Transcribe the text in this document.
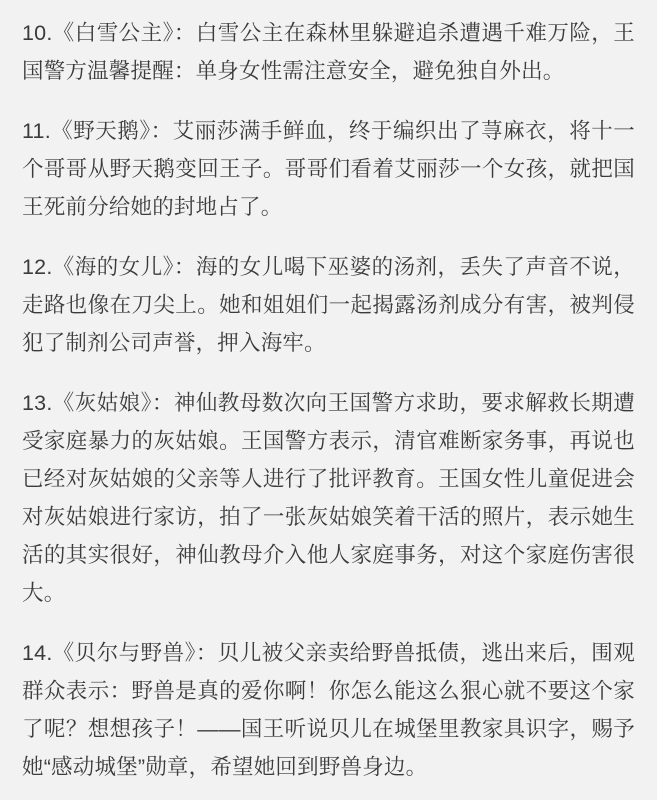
10.《白雪公主》：白雪公主在森林里躲避追杀遭遇千难万险，王国警方温馨提醒：单身女性需注意安全，避免独自外出。

11.《野天鹅》：艾丽莎满手鲜血，终于编织出了荨麻衣，将十一个哥哥从野天鹅变回王子。哥哥们看着艾丽莎一个女孩，就把国王死前分给她的封地占了。

12.《海的女儿》：海的女儿喝下巫婆的汤剂，丢失了声音不说，走路也像在刀尖上。她和姐姐们一起揭露汤剂成分有害，被判侵犯了制剂公司声誉，押入海牢。

13.《灰姑娘》：神仙教母数次向王国警方求助，要求解救长期遭受家庭暴力的灰姑娘。王国警方表示，清官难断家务事，再说也已经对灰姑娘的父亲等人进行了批评教育。王国女性儿童促进会对灰姑娘进行家访，拍了一张灰姑娘笑着干活的照片，表示她生活的其实很好，神仙教母介入他人家庭事务，对这个家庭伤害很大。

14.《贝尔与野兽》：贝儿被父亲卖给野兽抵债，逃出来后，围观群众表示：野兽是真的爱你啊！你怎么能这么狠心就不要这个家了呢？想想孩子！——国王听说贝儿在城堡里教家具识字，赐予她“感动城堡”勋章，希望她回到野兽身边。
